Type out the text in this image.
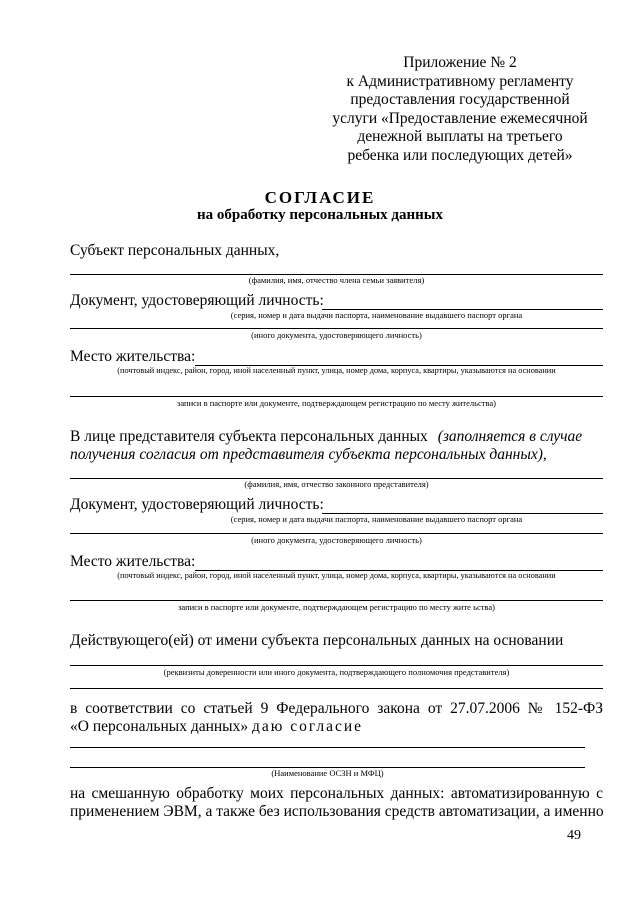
Приложение № 2
к Административному регламенту
предоставления государственной
услуги «Предоставление ежемесячной
денежной выплаты на третьего
ребенка или последующих детей»
СОГЛАСИЕ
на обработку персональных данных
Субъект персональных данных,
(фамилия, имя, отчество члена семьи заявителя)
Документ, удостоверяющий личность:
(серия, номер и дата выдачи паспорта, наименование выдавшего паспорт органа
(иного документа, удостоверяющего личность)
Место жительства:
(почтовый индекс, район, город, иной населенный пункт, улица, номер дома, корпуса, квартиры, указываются на основании
записи в паспорте или документе, подтверждающем регистрацию по месту жительства)
В лице представителя субъекта персональных данных (заполняется в случае
получения согласия от представителя субъекта персональных данных),
(фамилия, имя, отчество законного представителя)
Документ, удостоверяющий личность:
(серия, номер и дата выдачи паспорта, наименование выдавшего паспорт органа
(иного документа, удостоверяющего личность)
Место жительства:
(почтовый индекс, район, город, иной населенный пункт, улица, номер дома, корпуса, квартиры, указываются на основании
записи в паспорте или документе, подтверждающем регистрацию по месту жите ьства)
Действующего(ей) от имени субъекта персональных данных на основании
(реквизиты доверенности или иного документа, подтверждающего полномочия представителя)
в соответствии со статьей 9 Федерального закона от 27.07.2006 № 152-ФЗ
«О персональных данных» даю согласие
(Наименование ОСЗН и МФЦ)
на смешанную обработку моих персональных данных: автоматизированную с
применением ЭВМ, а также без использования средств автоматизации, а именно
49
